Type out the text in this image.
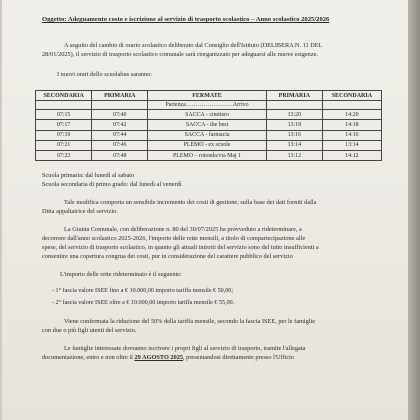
Oggetto: Adeguamento costo e iscrizione al servizio di trasporto scolastico – Anno scolastico 2025/2026
A seguito del cambio di orario scolastico deliberato dal Consiglio dell'Istituto (DELIBERA N. 11 DEL
28/01/2025), il servizio di trasporto scolastico comunale sarà riorganizzato per adeguarsi alle nuove esigenze.
I nuovi orari dello scuolabus saranno:
SECONDARIA	PRIMARIA	FERMATE	PRIMARIA	SECONDARIA
		Partenza……………………Arrivo		
07:15	07:40	SACCA - cimitero	13:20	14:20
07:17	07:42	SACCA - the best	13:18	14:18
07:19	07:44	SACCA - farmacia	13:16	14:16
07:21	07:46	PLEMO - ex scuole	13:14	13:14
07:23	07:48	PLEMO – rotonda/via Maj 1	13:12	14:12
Scuola primaria: dal lunedì al sabato
Scuola secondaria di primo grado: dal lunedì al venerdì
Tale modifica comporta un sensibile incremento dei costi di gestione, sulla base dei dati forniti dalla
Ditta appaltatrice del servizio.
La Giunta Comunale, con deliberazione n. 80 del 30/07/2025 ha provveduto a rideterminare, a
decorrere dall'anno scolastico 2025-2026, l'importo delle rette mensili, a titolo di compartecipazione alle
spese, del servizio di trasporto scolastico, in quanto gli attuali introiti del servizio sono del tutto insufficienti a
consentire una copertura congrua dei costi, pur in considerazione del carattere pubblico del servizio
L'importo delle rette rideterminato è il seguente:
- 1° fascia valore ISEE fino a € 10.000,00 importo tariffa mensile € 50,00;
- 2° fascia valore ISEE oltre a € 10.000,00 importo tariffa mensile € 55,00.
Viene confermata la riduzione del 50% della tariffa mensile, secondo la fascia ISEE, per le famiglie
con due o più figli utenti del servizio.
Le famiglie interessate dovranno iscrivere i propri figli al servizio di trasporto, tramite l'allegata
documentazione, entro e non oltre il 29 AGOSTO 2025, presentandosi direttamente presso l'Ufficio
